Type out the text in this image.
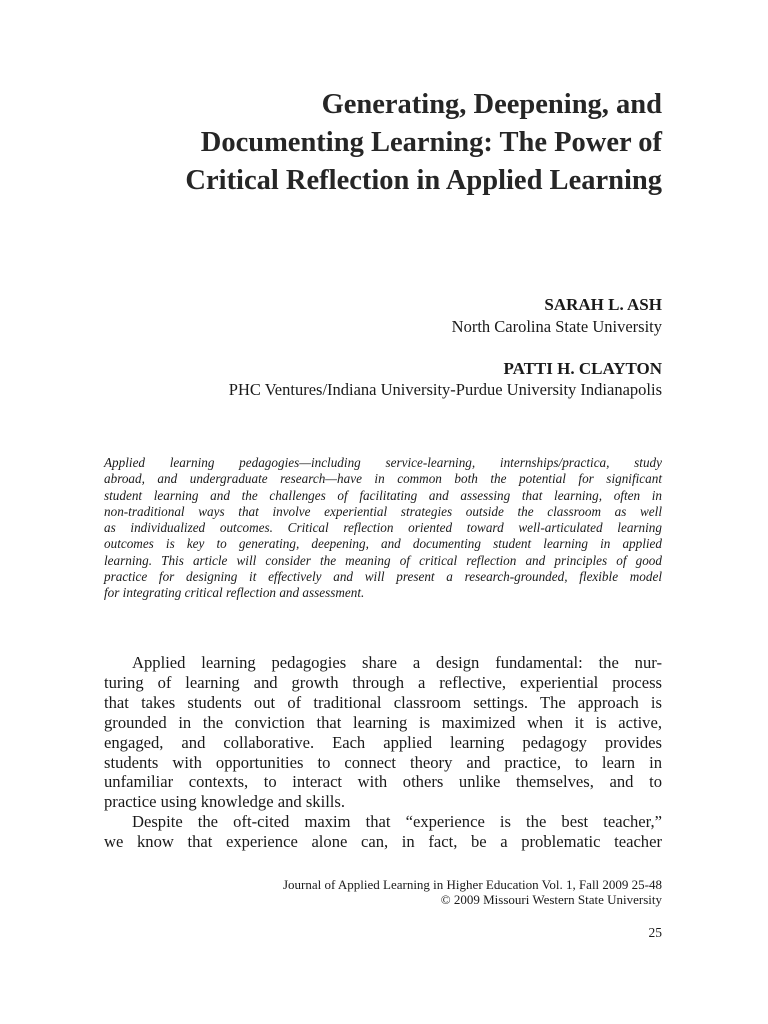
Generating, Deepening, and
Documenting Learning: The Power of
Critical Reflection in Applied Learning
SARAH L. ASH
North Carolina State University
PATTI H. CLAYTON
PHC Ventures/Indiana University-Purdue University Indianapolis
Applied learning pedagogies—including service-learning, internships/practica, study
abroad, and undergraduate research—have in common both the potential for significant
student learning and the challenges of facilitating and assessing that learning, often in
non-traditional ways that involve experiential strategies outside the classroom as well
as individualized outcomes. Critical reflection oriented toward well-articulated learning
outcomes is key to generating, deepening, and documenting student learning in applied
learning. This article will consider the meaning of critical reflection and principles of good
practice for designing it effectively and will present a research-grounded, flexible model
for integrating critical reflection and assessment.
Applied learning pedagogies share a design fundamental: the nur-
turing of learning and growth through a reflective, experiential process
that takes students out of traditional classroom settings. The approach is
grounded in the conviction that learning is maximized when it is active,
engaged, and collaborative. Each applied learning pedagogy provides
students with opportunities to connect theory and practice, to learn in
unfamiliar contexts, to interact with others unlike themselves, and to
practice using knowledge and skills.
Despite the oft-cited maxim that “experience is the best teacher,”
we know that experience alone can, in fact, be a problematic teacher
Journal of Applied Learning in Higher Education Vol. 1, Fall 2009 25-48
© 2009 Missouri Western State University
25
